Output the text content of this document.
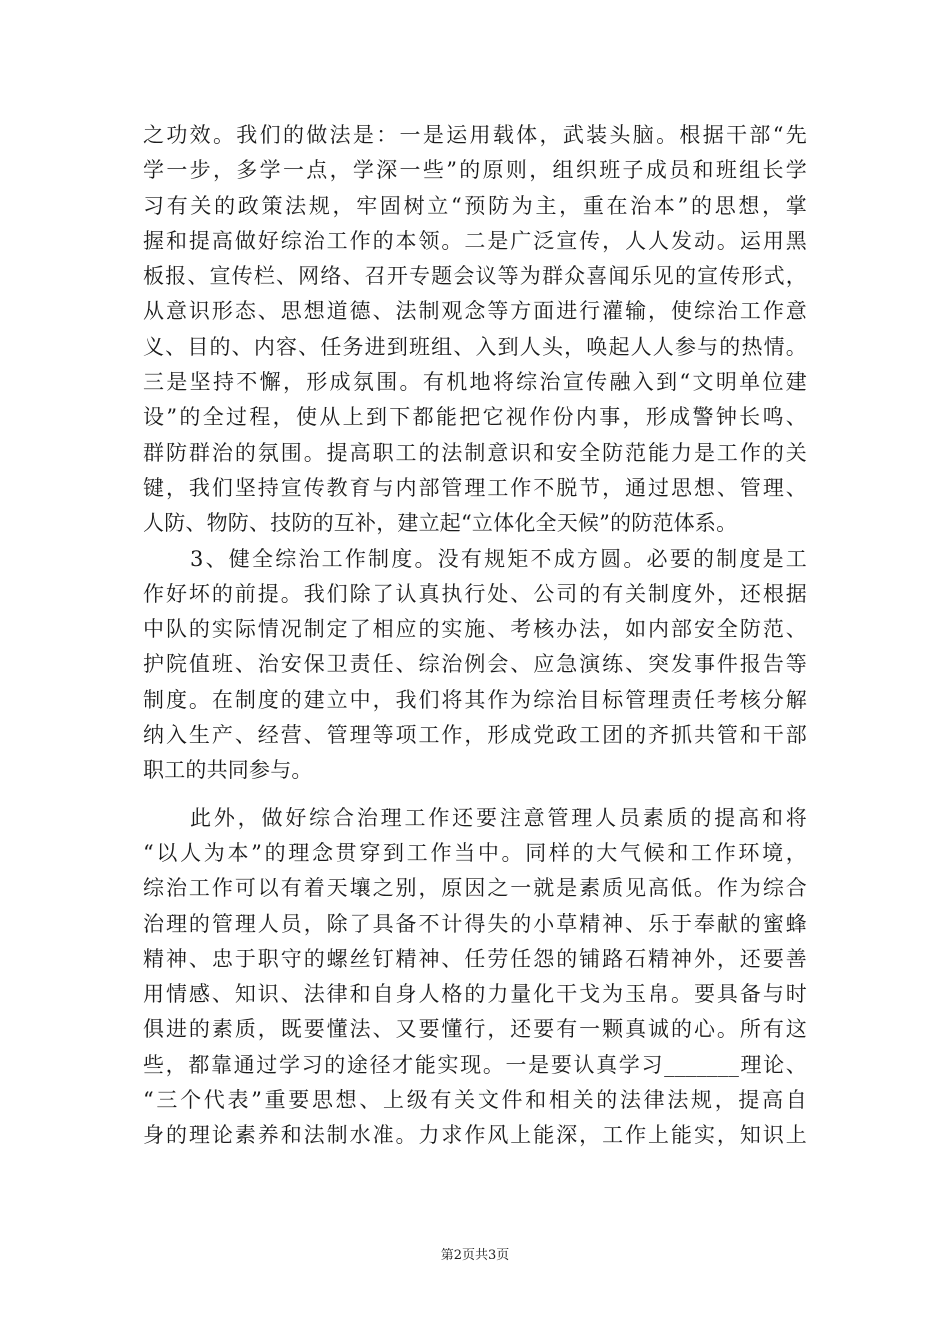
之功效。我们的做法是：一是运用载体，武装头脑。根据干部“先
学一步，多学一点，学深一些”的原则，组织班子成员和班组长学
习有关的政策法规，牢固树立“预防为主，重在治本”的思想，掌
握和提高做好综治工作的本领。二是广泛宣传，人人发动。运用黑
板报、宣传栏、网络、召开专题会议等为群众喜闻乐见的宣传形式，
从意识形态、思想道德、法制观念等方面进行灌输，使综治工作意
义、目的、内容、任务进到班组、入到人头，唤起人人参与的热情。
三是坚持不懈，形成氛围。有机地将综治宣传融入到“文明单位建
设”的全过程，使从上到下都能把它视作份内事，形成警钟长鸣、
群防群治的氛围。提高职工的法制意识和安全防范能力是工作的关
键，我们坚持宣传教育与内部管理工作不脱节，通过思想、管理、
人防、物防、技防的互补，建立起“立体化全天候”的防范体系。
3、健全综治工作制度。没有规矩不成方圆。必要的制度是工
作好坏的前提。我们除了认真执行处、公司的有关制度外，还根据
中队的实际情况制定了相应的实施、考核办法，如内部安全防范、
护院值班、治安保卫责任、综治例会、应急演练、突发事件报告等
制度。在制度的建立中，我们将其作为综治目标管理责任考核分解
纳入生产、经营、管理等项工作，形成党政工团的齐抓共管和干部
职工的共同参与。
此外，做好综合治理工作还要注意管理人员素质的提高和将
“以人为本”的理念贯穿到工作当中。同样的大气候和工作环境，
综治工作可以有着天壤之别，原因之一就是素质见高低。作为综合
治理的管理人员，除了具备不计得失的小草精神、乐于奉献的蜜蜂
精神、忠于职守的螺丝钉精神、任劳任怨的铺路石精神外，还要善
用情感、知识、法律和自身人格的力量化干戈为玉帛。要具备与时
俱进的素质，既要懂法、又要懂行，还要有一颗真诚的心。所有这
些，都靠通过学习的途径才能实现。一是要认真学习_______理论、
“三个代表”重要思想、上级有关文件和相关的法律法规，提高自
身的理论素养和法制水准。力求作风上能深，工作上能实，知识上
第2页共3页
